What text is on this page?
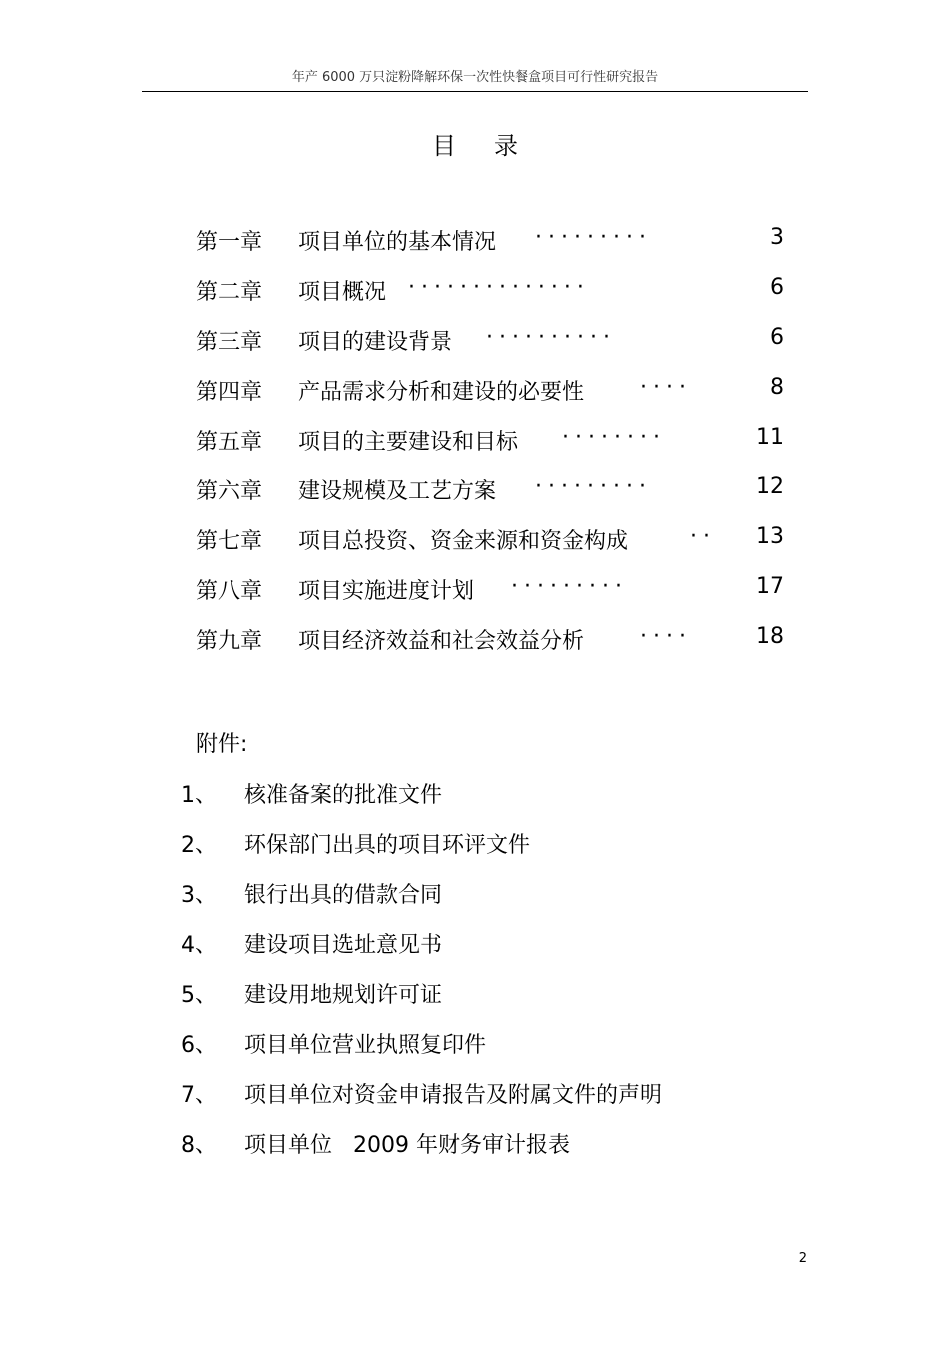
年产 6000 万只淀粉降解环保一次性快餐盒项目可行性研究报告
目录
第一章 项目单位的基本情况 ·········	3
第二章 项目概况 ··············	6
第三章 项目的建设背景 ··········	6
第四章 产品需求分析和建设的必要性	····	8
第五章 项目的主要建设和目标 ········	11
第六章 建设规模及工艺方案 ·········	12
第七章 项目总投资、资金来源和资金构成	·· 13
第八章 项目实施进度计划 ·········	17
第九章 项目经济效益和社会效益分析	····	18
附件:
1、 核准备案的批准文件
2、 环保部门出具的项目环评文件
3、 银行出具的借款合同
4、 建设项目选址意见书
5、 建设用地规划许可证
6、 项目单位营业执照复印件
7、 项目单位对资金申请报告及附属文件的声明
8、 项目单位   2009 年财务审计报表
2
